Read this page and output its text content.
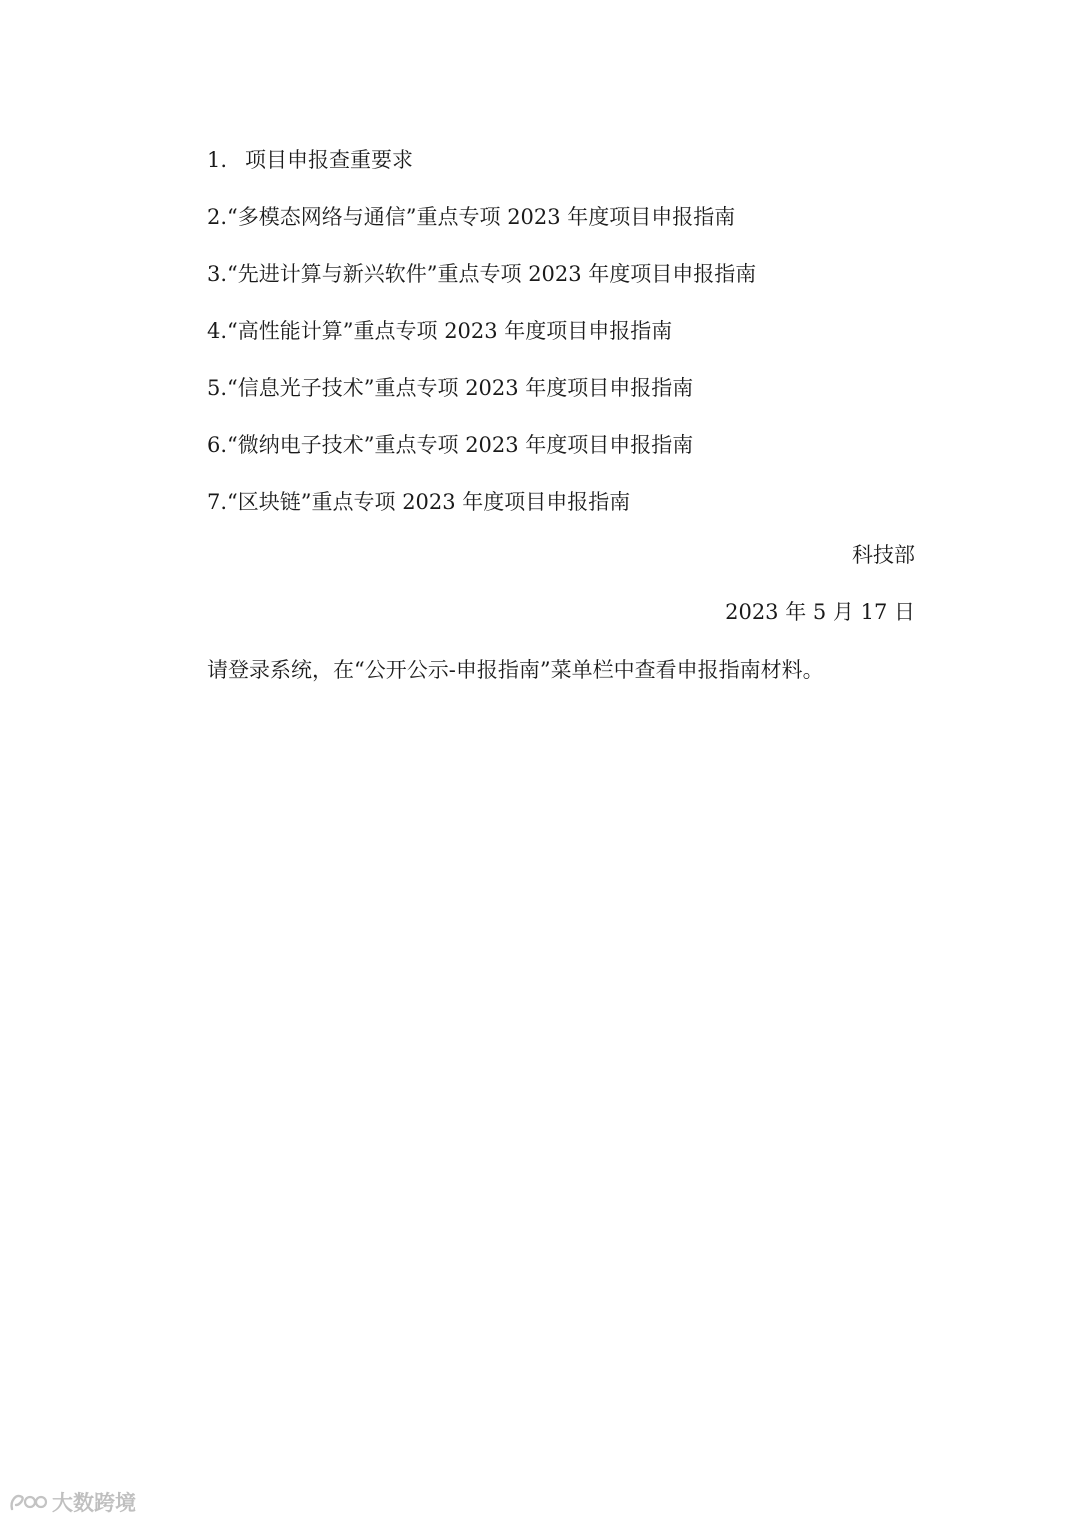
1. 项目申报查重要求
2.“多模态网络与通信”重点专项 2023 年度项目申报指南
3.“先进计算与新兴软件”重点专项 2023 年度项目申报指南
4.“高性能计算”重点专项 2023 年度项目申报指南
5.“信息光子技术”重点专项 2023 年度项目申报指南
6.“微纳电子技术”重点专项 2023 年度项目申报指南
7.“区块链”重点专项 2023 年度项目申报指南
科技部
2023 年 5 月 17 日
请登录系统，在“公开公示-申报指南”菜单栏中查看申报指南材料。
大数跨境
